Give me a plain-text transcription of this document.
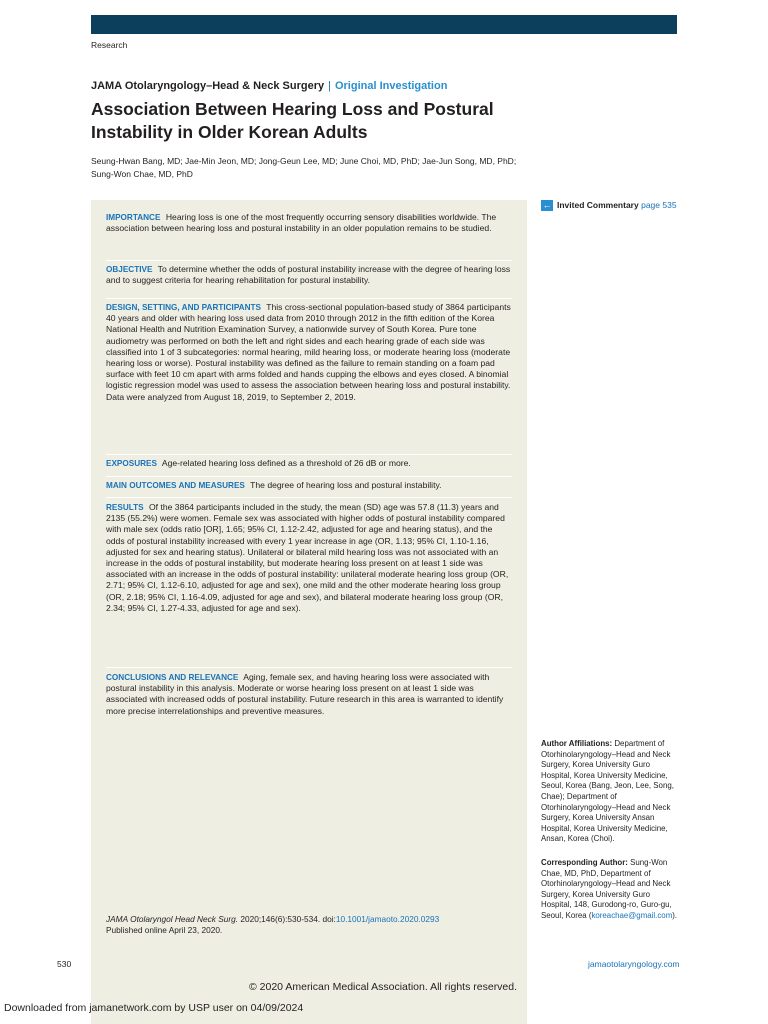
Research
JAMA Otolaryngology–Head & Neck Surgery | Original Investigation
Association Between Hearing Loss and Postural Instability in Older Korean Adults
Seung-Hwan Bang, MD; Jae-Min Jeon, MD; Jong-Geun Lee, MD; June Choi, MD, PhD; Jae-Jun Song, MD, PhD; Sung-Won Chae, MD, PhD
← Invited Commentary page 535
IMPORTANCE Hearing loss is one of the most frequently occurring sensory disabilities worldwide. The association between hearing loss and postural instability in an older population remains to be studied.
OBJECTIVE To determine whether the odds of postural instability increase with the degree of hearing loss and to suggest criteria for hearing rehabilitation for postural instability.
DESIGN, SETTING, AND PARTICIPANTS This cross-sectional population-based study of 3864 participants 40 years and older with hearing loss used data from 2010 through 2012 in the fifth edition of the Korea National Health and Nutrition Examination Survey, a nationwide survey of South Korea. Pure tone audiometry was performed on both the left and right sides and each hearing grade of each side was classified into 1 of 3 subcategories: normal hearing, mild hearing loss, or moderate hearing loss (moderate hearing loss or worse). Postural instability was defined as the failure to remain standing on a foam pad surface with feet 10 cm apart with arms folded and hands cupping the elbows and eyes closed. A binomial logistic regression model was used to assess the association between hearing loss and postural instability. Data were analyzed from August 18, 2019, to September 2, 2019.
EXPOSURES Age-related hearing loss defined as a threshold of 26 dB or more.
MAIN OUTCOMES AND MEASURES The degree of hearing loss and postural instability.
RESULTS Of the 3864 participants included in the study, the mean (SD) age was 57.8 (11.3) years and 2135 (55.2%) were women. Female sex was associated with higher odds of postural instability compared with male sex (odds ratio [OR], 1.65; 95% CI, 1.12-2.42, adjusted for age and hearing status), and the odds of postural instability increased with every 1 year increase in age (OR, 1.13; 95% CI, 1.10-1.16, adjusted for sex and hearing status). Unilateral or bilateral mild hearing loss was not associated with an increase in the odds of postural instability, but moderate hearing loss present on at least 1 side was associated with an increase in the odds of postural instability: unilateral moderate hearing loss group (OR, 2.71; 95% CI, 1.12-6.10, adjusted for age and sex), one mild and the other moderate hearing loss group (OR, 2.18; 95% CI, 1.16-4.09, adjusted for age and sex), and bilateral moderate hearing loss group (OR, 2.34; 95% CI, 1.27-4.33, adjusted for age and sex).
CONCLUSIONS AND RELEVANCE Aging, female sex, and having hearing loss were associated with postural instability in this analysis. Moderate or worse hearing loss present on at least 1 side was associated with increased odds of postural instability. Future research in this area is warranted to identify more precise interrelationships and preventive measures.
JAMA Otolaryngol Head Neck Surg. 2020;146(6):530-534. doi:10.1001/jamaoto.2020.0293
Published online April 23, 2020.
Author Affiliations: Department of Otorhinolaryngology–Head and Neck Surgery, Korea University Guro Hospital, Korea University Medicine, Seoul, Korea (Bang, Jeon, Lee, Song, Chae); Department of Otorhinolaryngology–Head and Neck Surgery, Korea University Ansan Hospital, Korea University Medicine, Ansan, Korea (Choi).
Corresponding Author: Sung-Won Chae, MD, PhD, Department of Otorhinolaryngology–Head and Neck Surgery, Korea University Guro Hospital, 148, Gurodong-ro, Guro-gu, Seoul, Korea (koreachae@gmail.com).
530	jamaotolaryngology.com
© 2020 American Medical Association. All rights reserved.
Downloaded from jamanetwork.com by USP user on 04/09/2024
